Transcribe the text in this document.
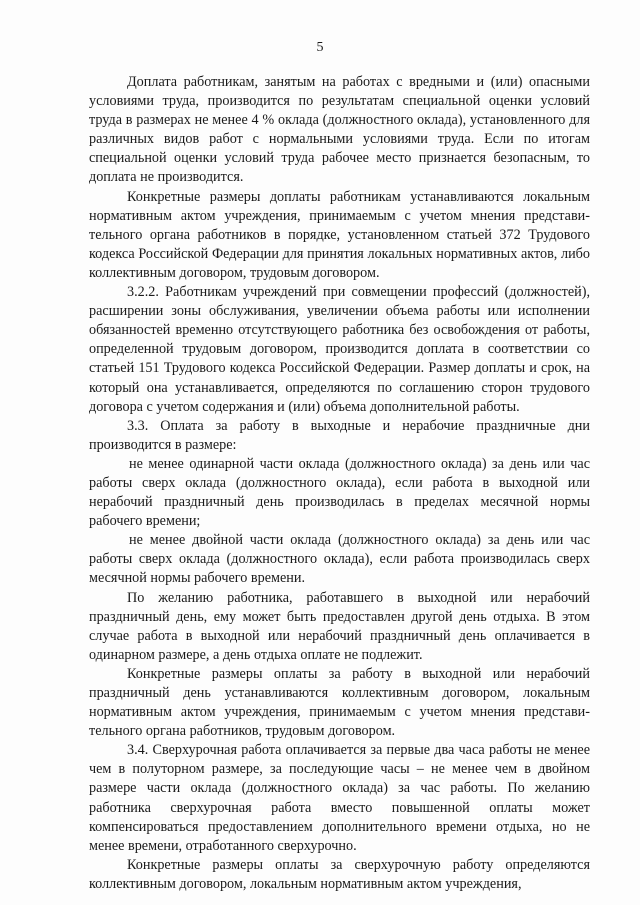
5

Доплата работникам, занятым на работах с вредными и (или) опасными условиями труда, производится по результатам специальной оценки условий труда в размерах не менее 4 % оклада (должностного оклада), установленного для различных видов работ с нормальными условиями труда. Если по итогам специальной оценки условий труда рабочее место признается безопасным, то доплата не производится.

Конкретные размеры доплаты работникам устанавливаются локальным нормативным актом учреждения, принимаемым с учетом мнения представительного органа работников в порядке, установленном статьей 372 Трудового кодекса Российской Федерации для принятия локальных нормативных актов, либо коллективным договором, трудовым договором.

3.2.2. Работникам учреждений при совмещении профессий (должностей), расширении зоны обслуживания, увеличении объема работы или исполнении обязанностей временно отсутствующего работника без освобождения от работы, определенной трудовым договором, производится доплата в соответствии со статьей 151 Трудового кодекса Российской Федерации. Размер доплаты и срок, на который она устанавливается, определяются по соглашению сторон трудового договора с учетом содержания и (или) объема дополнительной работы.

3.3. Оплата за работу в выходные и нерабочие праздничные дни производится в размере:

не менее одинарной части оклада (должностного оклада) за день или час работы сверх оклада (должностного оклада), если работа в выходной или нерабочий праздничный день производилась в пределах месячной нормы рабочего времени;

не менее двойной части оклада (должностного оклада) за день или час работы сверх оклада (должностного оклада), если работа производилась сверх месячной нормы рабочего времени.

По желанию работника, работавшего в выходной или нерабочий праздничный день, ему может быть предоставлен другой день отдыха. В этом случае работа в выходной или нерабочий праздничный день оплачивается в одинарном размере, а день отдыха оплате не подлежит.

Конкретные размеры оплаты за работу в выходной или нерабочий праздничный день устанавливаются коллективным договором, локальным нормативным актом учреждения, принимаемым с учетом мнения представительного органа работников, трудовым договором.

3.4. Сверхурочная работа оплачивается за первые два часа работы не менее чем в полуторном размере, за последующие часы – не менее чем в двойном размере части оклада (должностного оклада) за час работы. По желанию работника сверхурочная работа вместо повышенной оплаты может компенсироваться предоставлением дополнительного времени отдыха, но не менее времени, отработанного сверхурочно.

Конкретные размеры оплаты за сверхурочную работу определяются коллективным договором, локальным нормативным актом учреждения,
